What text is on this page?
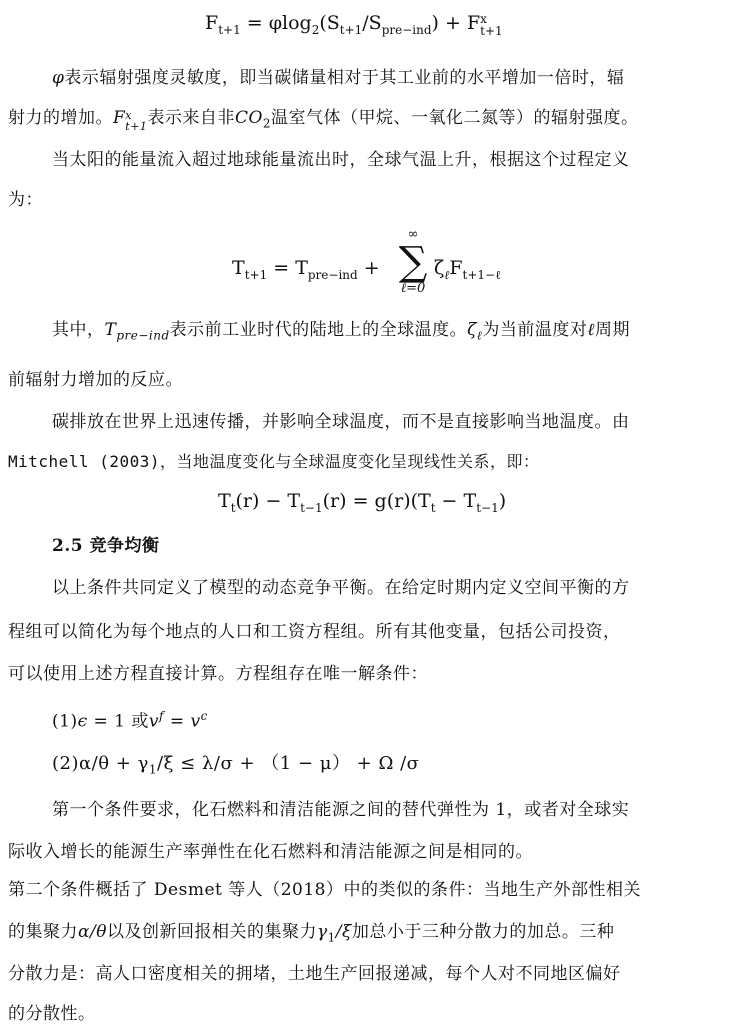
$F_{t+1} = \varphi\log_2(S_{t+1}/S_{pre-ind}) + F$ x
t+1
φ表示辐射强度灵敏度，即当碳储量相对于其工业前的水平增加一倍时，辐
射力的增加。F x
t+1 表示来自非$CO_2$温室气体（甲烷、一氧化二氮等）的辐射强度。
当太阳的能量流入超过地球能量流出时，全球气温上升，根据这个过程定义
为：
$T_{t+1} = T_{pre-ind}$ +
∞
∑
ℓ=0
$\zeta_\ell F_{t+1-\ell}$
其中，$T_{pre-ind}$表示前工业时代的陆地上的全球温度。$\zeta_\ell$为当前温度对ℓ周期
前辐射力增加的反应。
碳排放在世界上迅速传播，并影响全球温度，而不是直接影响当地温度。由
Mitchell (2003)，当地温度变化与全球温度变化呈现线性关系，即：
$T_t(r) - T_{t-1}(r) = g(r)(T_t - T_{t-1})$
2.5 竞争均衡
以上条件共同定义了模型的动态竞争平衡。在给定时期内定义空间平衡的方
程组可以简化为每个地点的人口和工资方程组。所有其他变量，包括公司投资，
可以使用上述方程直接计算。方程组存在唯一解条件：
(1)ϵ = 1 或$v^f = v^c$
$(2)\alpha/\theta + \gamma_1/\xi \le \lambda/\sigma + (1 - \mu) + \Omega$ /σ
第一个条件要求，化石燃料和清洁能源之间的替代弹性为 1，或者对全球实
际收入增长的能源生产率弹性在化石燃料和清洁能源之间是相同的。
第二个条件概括了 Desmet 等人（2018）中的类似的条件：当地生产外部性相关
的集聚力α/θ以及创新回报相关的集聚力$\gamma_1/\xi$加总小于三种分散力的加总。三种
分散力是：高人口密度相关的拥堵，土地生产回报递减，每个人对不同地区偏好
的分散性。
